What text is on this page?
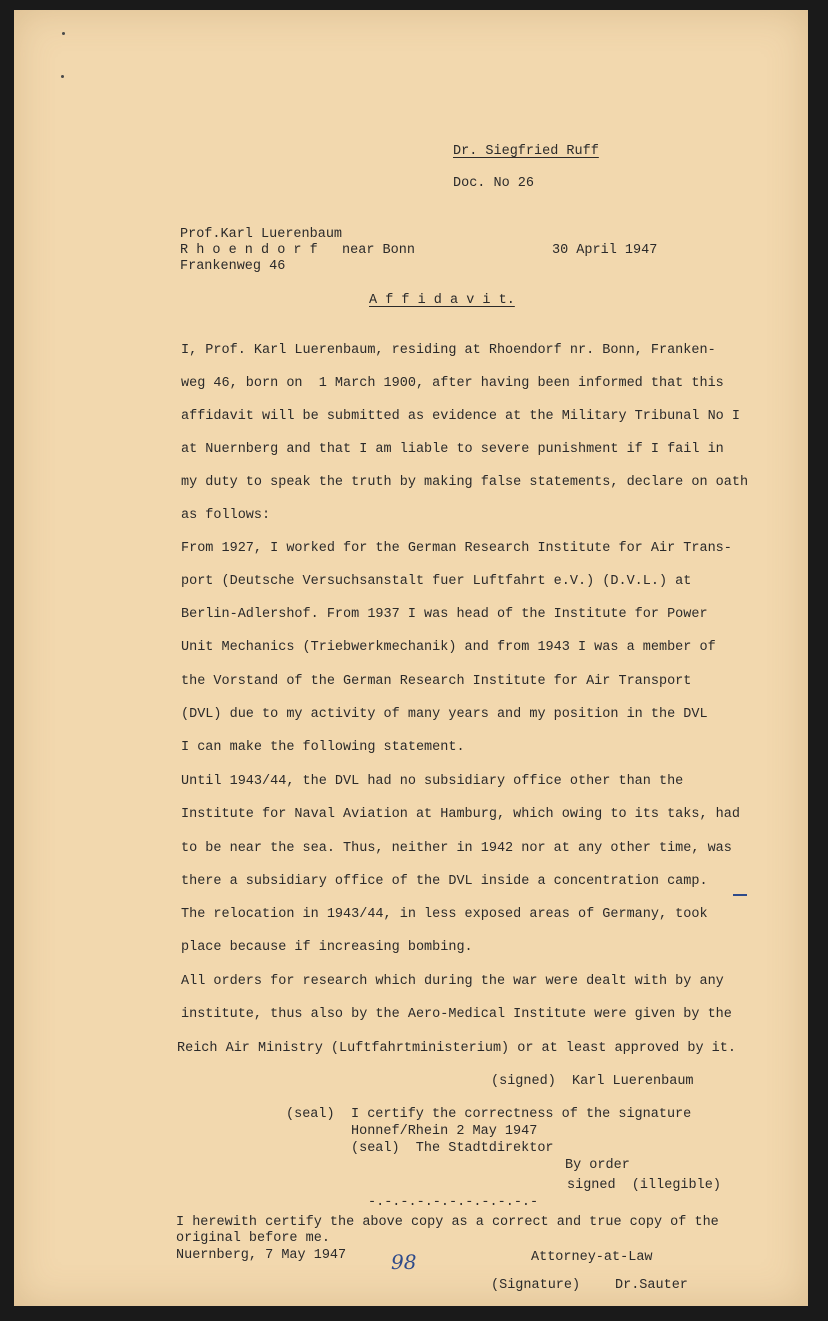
Dr. Siegfried Ruff
Doc. No 26
Prof.Karl Luerenbaum
R h o e n d o r f   near Bonn
Frankenweg 46
30 April 1947
A f f i d a v i t.
I, Prof. Karl Luerenbaum, residing at Rhoendorf nr. Bonn, Franken-
weg 46, born on  1 March 1900, after having been informed that this
affidavit will be submitted as evidence at the Military Tribunal No I
at Nuernberg and that I am liable to severe punishment if I fail in
my duty to speak the truth by making false statements, declare on oath
as follows:
From 1927, I worked for the German Research Institute for Air Trans-
port (Deutsche Versuchsanstalt fuer Luftfahrt e.V.) (D.V.L.) at
Berlin-Adlershof. From 1937 I was head of the Institute for Power
Unit Mechanics (Triebwerkmechanik) and from 1943 I was a member of
the Vorstand of the German Research Institute for Air Transport
(DVL) due to my activity of many years and my position in the DVL
I can make the following statement.
Until 1943/44, the DVL had no subsidiary office other than the
Institute for Naval Aviation at Hamburg, which owing to its taks, had
to be near the sea. Thus, neither in 1942 nor at any other time, was
there a subsidiary office of the DVL inside a concentration camp.
The relocation in 1943/44, in less exposed areas of Germany, took
place because if increasing bombing.
All orders for research which during the war were dealt with by any
institute, thus also by the Aero-Medical Institute were given by the
Reich Air Ministry (Luftfahrtministerium) or at least approved by it.
(signed)  Karl Luerenbaum
(seal) I certify the correctness of the signature
Honnef/Rhein 2 May 1947
(seal)  The Stadtdirektor
By order
signed  (illegible)
-.-.-.-.-.-.-.-.-.-.-
I herewith certify the above copy as a correct and true copy of the
original before me.
Nuernberg, 7 May 1947	Attorney-at-Law
(Signature)	Dr.Sauter
98
